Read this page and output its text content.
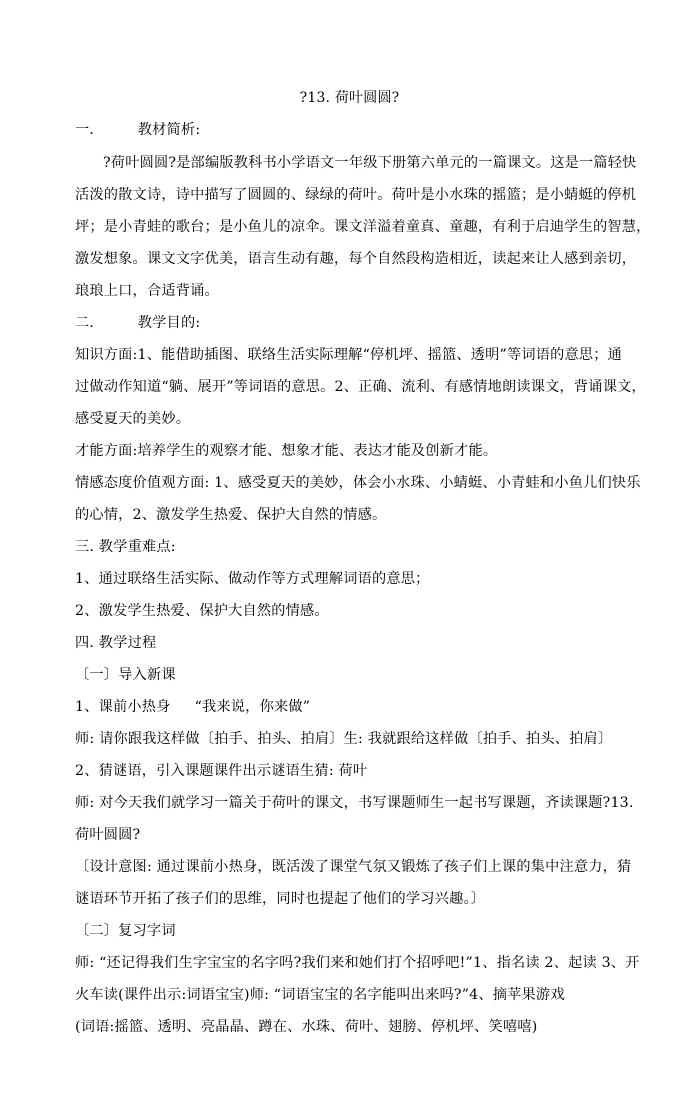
?13. 荷叶圆圆?
一． 教材简析:
?荷叶圆圆?是部编版教科书小学语文一年级下册第六单元的一篇课文。这是一篇轻快
活泼的散文诗，诗中描写了圆圆的、绿绿的荷叶。荷叶是小水珠的摇篮；是小蜻蜓的停机
坪；是小青蛙的歌台；是小鱼儿的凉伞。课文洋溢着童真、童趣，有利于启迪学生的智慧，
激发想象。课文文字优美，语言生动有趣，每个自然段构造相近，读起来让人感到亲切，
琅琅上口，合适背诵。
二． 教学目的:
知识方面:1、能借助插图、联络生活实际理解“停机坪、摇篮、透明”等词语的意思；通
过做动作知道“躺、展开”等词语的意思。2、正确、流利、有感情地朗读课文，背诵课文，
感受夏天的美妙。
才能方面:培养学生的观察才能、想象才能、表达才能及创新才能。
情感态度价值观方面: 1、感受夏天的美妙，体会小水珠、小蜻蜓、小青蛙和小鱼儿们快乐
的心情，2、激发学生热爱、保护大自然的情感。
三. 教学重难点:
1、通过联络生活实际、做动作等方式理解词语的意思；
2、激发学生热爱、保护大自然的情感。
四. 教学过程
〔一〕导入新课
1、课前小热身 “我来说，你来做”
师: 请你跟我这样做〔拍手、拍头、拍肩〕生: 我就跟给这样做〔拍手、拍头、拍肩〕
2、猜谜语，引入课题课件出示谜语生猜: 荷叶
师: 对今天我们就学习一篇关于荷叶的课文，书写课题师生一起书写课题，齐读课题?13.
荷叶圆圆?
〔设计意图: 通过课前小热身，既活泼了课堂气氛又锻炼了孩子们上课的集中注意力，猜
谜语环节开拓了孩子们的思维，同时也提起了他们的学习兴趣。〕
〔二〕复习字词
师: “还记得我们生字宝宝的名字吗?我们来和她们打个招呼吧!”1、指名读 2、起读 3、开
火车读(课件出示:词语宝宝)师: “词语宝宝的名字能叫出来吗?”4、摘苹果游戏
(词语:摇篮、透明、亮晶晶、蹲在、水珠、荷叶、翅膀、停机坪、笑嘻嘻)
